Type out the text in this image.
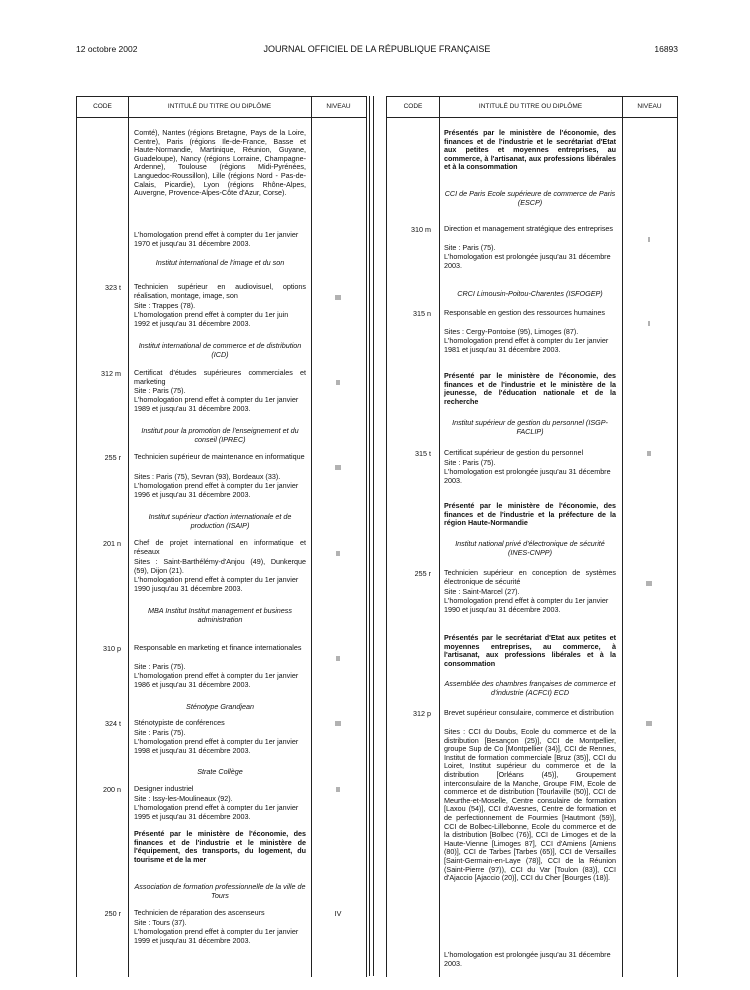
12 octobre 2002	JOURNAL OFFICIEL DE LA RÉPUBLIQUE FRANÇAISE	16893
CODE	INTITULÉ DU TITRE OU DIPLÔME	NIVEAU
Comté), Nantes (régions Bretagne, Pays de la Loire, Centre), Paris (régions Ile-de-France, Basse et Haute-Normandie, Martinique, Réunion, Guyane, Guadeloupe), Nancy (régions Lorraine, Champagne-Ardenne), Toulouse (régions Midi-Pyrénées, Languedoc-Roussillon), Lille (régions Nord - Pas-de-Calais, Picardie), Lyon (régions Rhône-Alpes, Auvergne, Provence-Alpes-Côte d'Azur, Corse).
L'homologation prend effet à compter du 1er janvier 1970 et jusqu'au 31 décembre 2003.
Institut international de l'image et du son
323 t Technicien supérieur en audiovisuel, options réalisation, montage, image, son	III
Site : Trappes (78).
L'homologation prend effet à compter du 1er juin 1992 et jusqu'au 31 décembre 2003.
Institut international de commerce et de distribution (ICD)
312 m Certificat d'études supérieures commerciales et marketing	II
Site : Paris (75).
L'homologation prend effet à compter du 1er janvier 1989 et jusqu'au 31 décembre 2003.
Institut pour la promotion de l'enseignement et du conseil (IPREC)
255 r Technicien supérieur de maintenance en informatique
III
Sites : Paris (75), Sevran (93), Bordeaux (33).
L'homologation prend effet à compter du 1er janvier 1996 et jusqu'au 31 décembre 2003.
Institut supérieur d'action internationale et de production (ISAIP)
201 n Chef de projet international en informatique et réseaux	II
Sites : Saint-Barthélémy-d'Anjou (49), Dunkerque (59), Dijon (21).
L'homologation prend effet à compter du 1er janvier 1990 jusqu'au 31 décembre 2003.
MBA Institut Institut management et business administration
310 p Responsable en marketing et finance internationales
II
Site : Paris (75).
L'homologation prend effet à compter du 1er janvier 1986 et jusqu'au 31 décembre 2003.
Sténotype Grandjean
324 t Sténotypiste de conférences	III
Site : Paris (75).
L'homologation prend effet à compter du 1er janvier 1998 et jusqu'au 31 décembre 2003.
Strate Collège
200 n Designer industriel	II
Site : Issy-les-Moulineaux (92).
L'homologation prend effet à compter du 1er janvier 1995 et jusqu'au 31 décembre 2003.
Présenté par le ministère de l'économie, des finances et de l'industrie et le ministère de l'équipement, des transports, du logement, du tourisme et de la mer
Association de formation professionnelle de la ville de Tours
250 r Technicien de réparation des ascenseurs	IV
Site : Tours (37).
L'homologation prend effet à compter du 1er janvier 1999 et jusqu'au 31 décembre 2003.
CODE	INTITULÉ DU TITRE OU DIPLÔME	NIVEAU
Présentés par le ministère de l'économie, des finances et de l'industrie et le secrétariat d'Etat aux petites et moyennes entreprises, au commerce, à l'artisanat, aux professions libérales et à la consommation
CCI de Paris Ecole supérieure de commerce de Paris (ESCP)
310 m Direction et management stratégique des entreprises
I
Site : Paris (75).
L'homologation est prolongée jusqu'au 31 décembre 2003.
CRCI Limousin-Poitou-Charentes (ISFOGEP)
315 n Responsable en gestion des ressources humaines
I
Sites : Cergy-Pontoise (95), Limoges (87).
L'homologation prend effet à compter du 1er janvier 1981 et jusqu'au 31 décembre 2003.
Présenté par le ministère de l'économie, des finances et de l'industrie et le ministère de la jeunesse, de l'éducation nationale et de la recherche
Institut supérieur de gestion du personnel (ISGP-FACLIP)
315 t Certificat supérieur de gestion du personnel	II
Site : Paris (75).
L'homologation est prolongée jusqu'au 31 décembre 2003.
Présenté par le ministère de l'économie, des finances et de l'industrie et la préfecture de la région Haute-Normandie
Institut national privé d'électronique de sécurité (INES-CNPP)
255 r Technicien supérieur en conception de systèmes électronique de sécurité	III
Site : Saint-Marcel (27).
L'homologation prend effet à compter du 1er janvier 1990 et jusqu'au 31 décembre 2003.
Présentés par le secrétariat d'Etat aux petites et moyennes entreprises, au commerce, à l'artisanat, aux professions libérales et à la consommation
Assemblée des chambres françaises de commerce et d'industrie (ACFCI) ECD
312 p Brevet supérieur consulaire, commerce et distribution
III
Sites : CCI du Doubs, Ecole du commerce et de la distribution [Besançon (25)], CCI de Montpellier, groupe Sup de Co [Montpellier (34)], CCI de Rennes, Institut de formation commerciale [Bruz (35)], CCI du Loiret, Institut supérieur du commerce et de la distribution [Orléans (45)], Groupement interconsulaire de la Manche, Groupe FIM, Ecole de commerce et de distribution [Tourlaville (50)], CCI de Meurthe-et-Moselle, Centre consulaire de formation [Laxou (54)], CCI d'Avesnes, Centre de formation et de perfectionnement de Fourmies [Hautmont (59)], CCI de Bolbec-Lillebonne, Ecole du commerce et de la distribution [Bolbec (76)], CCI de Limoges et de la Haute-Vienne [Limoges 87], CCI d'Amiens [Amiens (80)], CCI de Tarbes [Tarbes (65)], CCI de Versailles [Saint-Germain-en-Laye (78)], CCI de la Réunion (Saint-Pierre (97)), CCI du Var [Toulon (83)], CCI d'Ajaccio [Ajaccio (20)], CCI du Cher [Bourges (18)].
L'homologation est prolongée jusqu'au 31 décembre 2003.
